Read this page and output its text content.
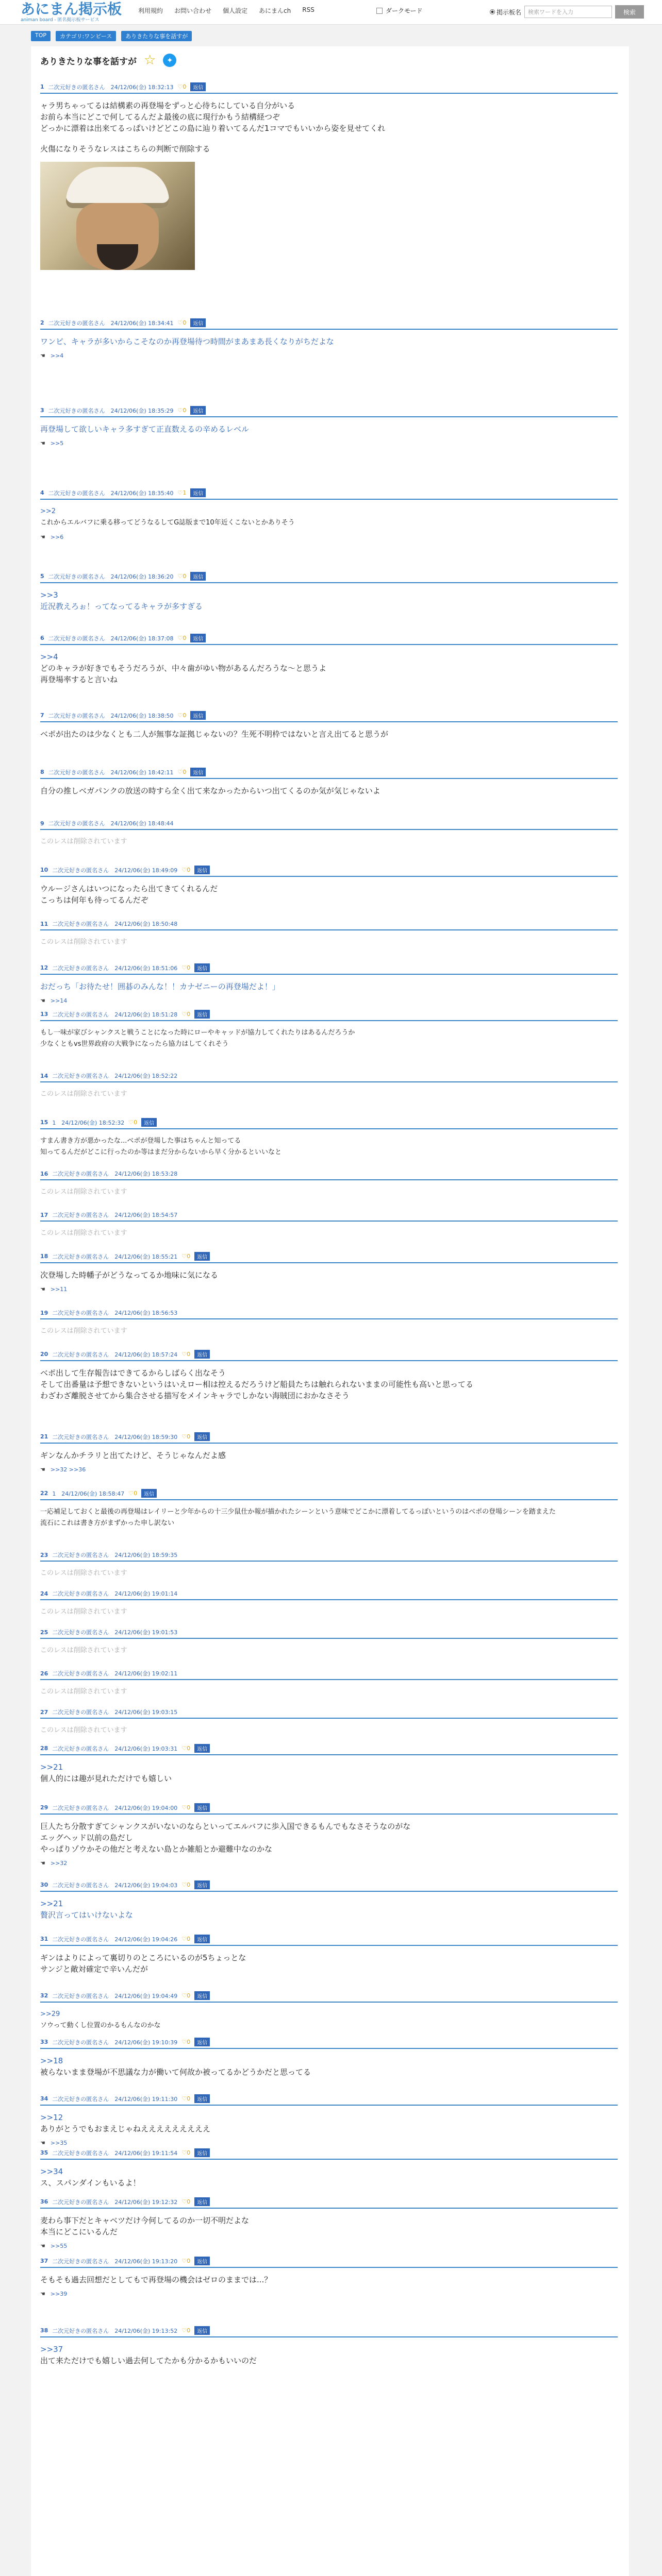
あにまん掲示板
animan board - 匿名掲示板サービス
利用規約 お問い合わせ 個人設定 あにまんch RSS	ダークモード	掲示板名	検索ワードを入力	検索
TOP	カテゴリ:ワンピース	ありきたりな事を話すが
ありきたりな事を話すが ☆	✦
1 二次元好きの匿名さん　24/12/06(金) 18:32:13 ♡0	返信
ャラ男ちゃってるは結構素の再登場をずっと心待ちにしている自分がいる
お前ら本当にどこで何してるんだよ最後の底に現行かもう結構経つぞ
どっかに漂着は出来てるっぱいけどどこの島に辿り着いてるんだ1コマでもいいから姿を見せてくれ
火傷になりそうなレスはこちらの判断で削除する
2 二次元好きの匿名さん　24/12/06(金) 18:34:41 ♡0	返信
ワンピ、キャラが多いからこそなのか再登場待つ時間がまあまあ長くなりがちだよな
☚ >>4
3 二次元好きの匿名さん　24/12/06(金) 18:35:29 ♡0	返信
再登場して欲しいキャラ多すぎて正直数えるの辛めるレベル
☚ >>5
4 二次元好きの匿名さん　24/12/06(金) 18:35:40 ♡1	返信
>>2
これからエルバフに乗る移ってどうなるしてG誌版まで10年近くこないとかありそう
☚ >>6
5 二次元好きの匿名さん　24/12/06(金) 18:36:20 ♡0	返信
>>3
近況教えろぉ！ってなってるキャラが多すぎる
6 二次元好きの匿名さん　24/12/06(金) 18:37:08 ♡0	返信
>>4
どのキャラが好きでもそうだろうが、中々歯がゆい物があるんだろうな〜と思うよ
再登場率すると言いね
7 二次元好きの匿名さん　24/12/06(金) 18:38:50 ♡0	返信
ベポが出たのは少なくとも二人が無事な証拠じゃないの？生死不明枠ではないと言え出てると思うが
8 二次元好きの匿名さん　24/12/06(金) 18:42:11 ♡0	返信
自分の推しベガパンクの放送の時すら全く出て来なかったからいつ出てくるのか気が気じゃないよ
9 二次元好きの匿名さん　24/12/06(金) 18:48:44
このレスは削除されています
10 二次元好きの匿名さん　24/12/06(金) 18:49:09 ♡0	返信
ウルージさんはいつになったら出てきてくれるんだ
こっちは何年も待ってるんだぞ
11 二次元好きの匿名さん　24/12/06(金) 18:50:48
このレスは削除されています
12 二次元好きの匿名さん　24/12/06(金) 18:51:06 ♡0	返信
おだっち「お待たせ！囲碁のみんな！！カナゼニーの再登場だよ！」
☚ >>14
13 二次元好きの匿名さん　24/12/06(金) 18:51:28 ♡0	返信
もし一味が家びシャンクスと戦うことになった時にローやキャッドが協力してくれたりはあるんだろうか
少なくともvs世界政府の大戦争になったら協力はしてくれそう
14 二次元好きの匿名さん　24/12/06(金) 18:52:22
このレスは削除されています
15 1　24/12/06(金) 18:52:32 ♡0	返信
すまん書き方が悪かったな...ベポが登場した事はちゃんと知ってる
知ってるんだがどこに行ったのか等はまだ分からないから早く分かるといいなと
16 二次元好きの匿名さん　24/12/06(金) 18:53:28
このレスは削除されています
17 二次元好きの匿名さん　24/12/06(金) 18:54:57
このレスは削除されています
18 二次元好きの匿名さん　24/12/06(金) 18:55:21 ♡0	返信
次登場した時幡子がどうなってるか地味に気になる
☚ >>11
19 二次元好きの匿名さん　24/12/06(金) 18:56:53
このレスは削除されています
20 二次元好きの匿名さん　24/12/06(金) 18:57:24 ♡0	返信
ベポ出して生存報告はできてるからしばらく出なそう
そして出番量は予想できないというはいえロー相は控えるだろうけど船員たちは触れられないままの可能性も高いと思ってる
わざわざ離脱させてから集合させる描写をメインキャラでしかない海賊団におかなさそう
21 二次元好きの匿名さん　24/12/06(金) 18:59:30 ♡0	返信
ギンなんかチラリと出てたけど、そうじゃなんだよ感
☚ >>32 >>36
22 1　24/12/06(金) 18:58:47 ♡0	返信
一応補足しておくと最後の再登場はレイリーと少年からの十三少鼠仕か報が描かれたシーンという意味でどこかに漂着してるっぽいというのはベポの登場シーンを踏まえた
流石にこれは書き方がまずかった申し訳ない
23 二次元好きの匿名さん　24/12/06(金) 18:59:35
このレスは削除されています
24 二次元好きの匿名さん　24/12/06(金) 19:01:14
このレスは削除されています
25 二次元好きの匿名さん　24/12/06(金) 19:01:53
このレスは削除されています
26 二次元好きの匿名さん　24/12/06(金) 19:02:11
このレスは削除されています
27 二次元好きの匿名さん　24/12/06(金) 19:03:15
このレスは削除されています
28 二次元好きの匿名さん　24/12/06(金) 19:03:31 ♡0	返信
>>21
個人的には趣が見れただけでも嬉しい
29 二次元好きの匿名さん　24/12/06(金) 19:04:00 ♡0	返信
巨人たち分散すぎてシャンクスがいないのならといってエルバフに歩入国できるもんでもなさそうなのがな
エッグヘッド以前の島だし
やっぱりゾウかその他だと考えない島とか雑船とか避難中なのかな
☚ >>32
30 二次元好きの匿名さん　24/12/06(金) 19:04:03 ♡0	返信
>>21
贅沢言ってはいけないよな
31 二次元好きの匿名さん　24/12/06(金) 19:04:26 ♡0	返信
ギンはよりによって裏切りのところにいるのが5ちょっとな
サンジと敵対確定で辛いんだが
32 二次元好きの匿名さん　24/12/06(金) 19:04:49 ♡0	返信
>>29
ソウって動くし位置のかるもんなのかな
33 二次元好きの匿名さん　24/12/06(金) 19:10:39 ♡0	返信
>>18
被らないまま登場が不思議な力が働いて何故か被ってるかどうかだと思ってる
34 二次元好きの匿名さん　24/12/06(金) 19:11:30 ♡0	返信
>>12
ありがとうでもおまえじゃねえええええええええ
☚ >>35
35 二次元好きの匿名さん　24/12/06(金) 19:11:54 ♡0	返信
>>34
ス、スパンダインもいるよ！
36 二次元好きの匿名さん　24/12/06(金) 19:12:32 ♡0	返信
麦わら事下だとキャベツだけ今何してるのか一切不明だよな
本当にどこにいるんだ
☚ >>55
37 二次元好きの匿名さん　24/12/06(金) 19:13:20 ♡0	返信
そもそも過去回想だとしてもで再登場の機会はゼロのままでは...？
☚ >>39
38 二次元好きの匿名さん　24/12/06(金) 19:13:52 ♡0	返信
>>37
出て来ただけでも嬉しい過去何してたかも分かるかもいいのだ
